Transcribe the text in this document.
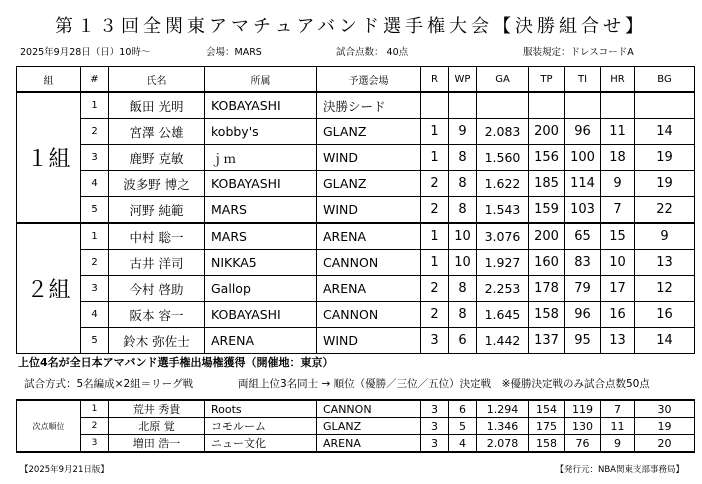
第１３回全関東アマチュアバンド選手権大会【決勝組合せ】
2025年9月28日（日）10時～	会場：MARS	試合点数： 40点	服装規定：ドレスコードA
組	#	氏名	所属	予選会場	R	WP	GA	TP	TI	HR	BG
１組	1	飯田 光明	KOBAYASHI	決勝シード							
	2	宮澤 公雄	kobby's	GLANZ	1	9	2.083	200	96	11	14
	3	鹿野 克敏	ｊｍ	WIND	1	8	1.560	156	100	18	19
	4	波多野 博之	KOBAYASHI	GLANZ	2	8	1.622	185	114	9	19
	5	河野 純範	MARS	WIND	2	8	1.543	159	103	7	22
２組	1	中村 聡一	MARS	ARENA	1	10	3.076	200	65	15	9
	2	古井 洋司	NIKKA5	CANNON	1	10	1.927	160	83	10	13
	3	今村 啓助	Gallop	ARENA	2	8	2.253	178	79	17	12
	4	阪本 容一	KOBAYASHI	CANNON	2	8	1.645	158	96	16	16
	5	鈴木 弥佐士	ARENA	WIND	3	6	1.442	137	95	13	14
上位4名が全日本アマバンド選手権出場権獲得（開催地：東京）
試合方式：5名編成×2組＝リーグ戦	両組上位3名同士 → 順位（優勝／三位／五位）決定戦　※優勝決定戦のみ試合点数50点
次点順位	1	荒井 秀貴	Roots	CANNON	3	6	1.294	154	119	7	30
	2	北原 覚	コモルーム	GLANZ	3	5	1.346	175	130	11	19
	3	増田 浩一	ニュー文化	ARENA	3	4	2.078	158	76	9	20
【2025年9月21日版】	【発行元：NBA関東支部事務局】
